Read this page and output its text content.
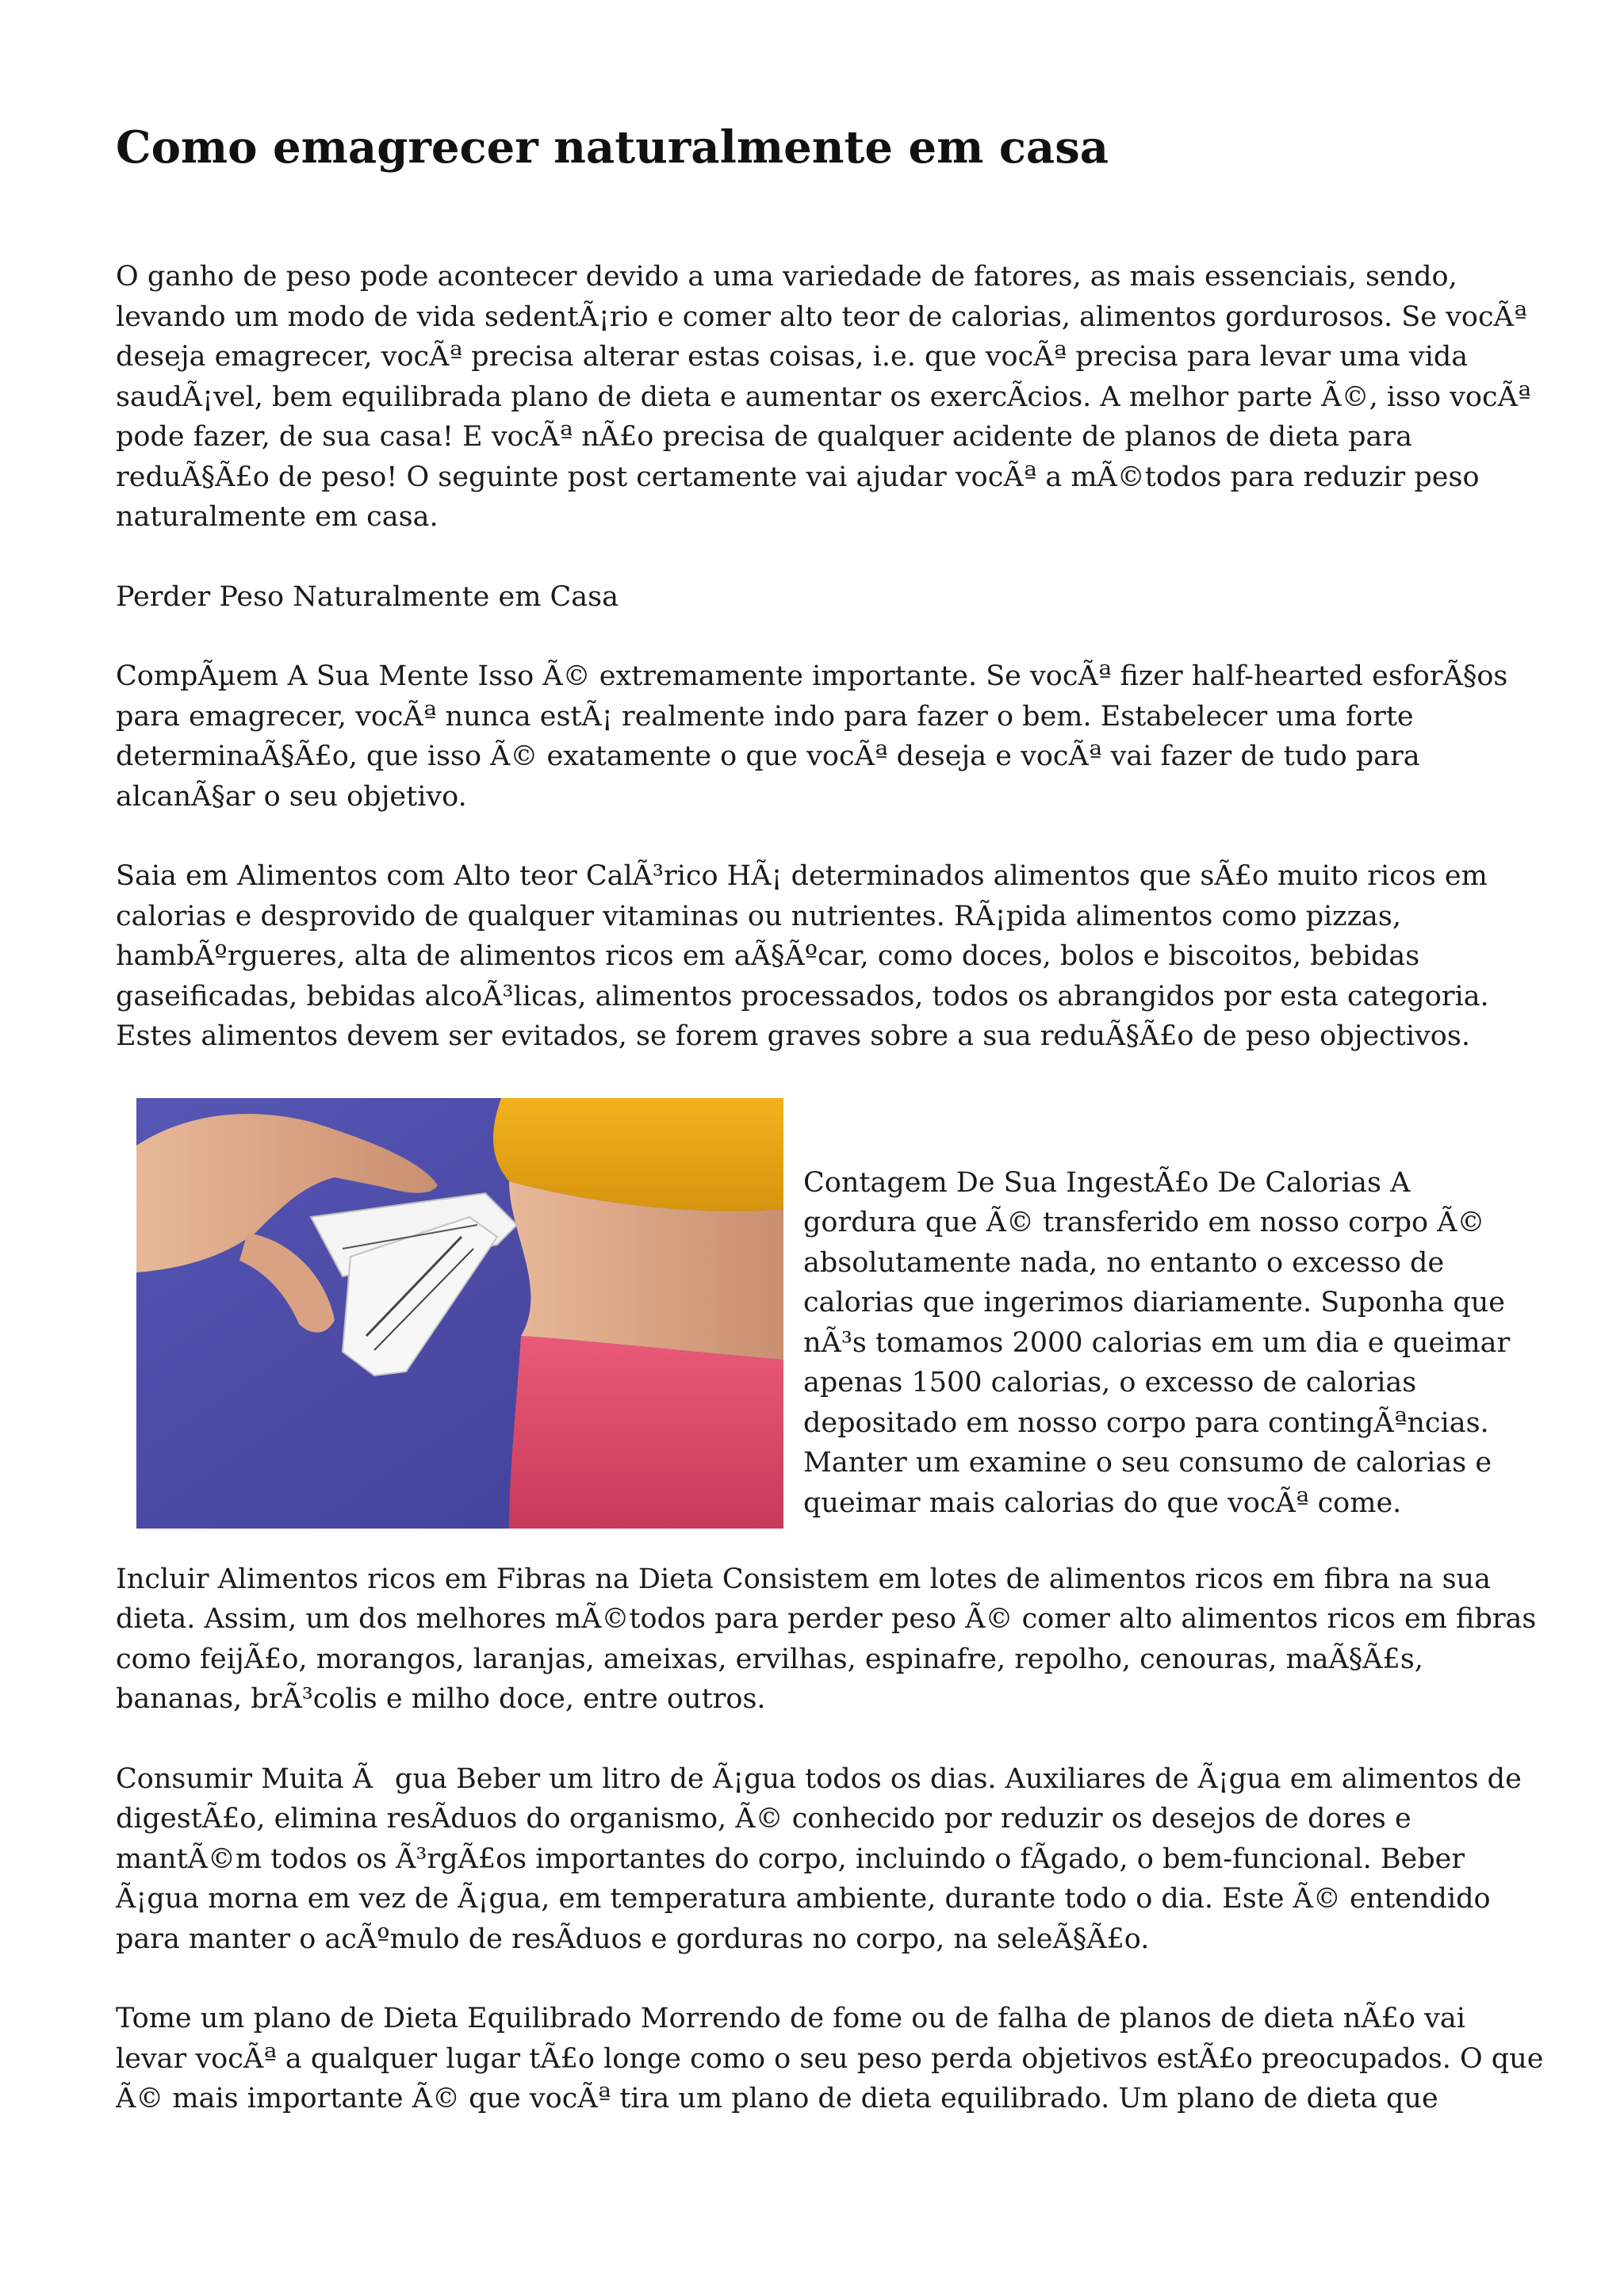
Como emagrecer naturalmente em casa
O ganho de peso pode acontecer devido a uma variedade de fatores, as mais essenciais, sendo,
levando um modo de vida sedentÃ¡rio e comer alto teor de calorias, alimentos gordurosos. Se vocÃª
deseja emagrecer, vocÃª precisa alterar estas coisas, i.e. que vocÃª precisa para levar uma vida
saudÃ¡vel, bem equilibrada plano de dieta e aumentar os exercÃcios. A melhor parte Ã©, isso vocÃª
pode fazer, de sua casa! E vocÃª nÃ£o precisa de qualquer acidente de planos de dieta para
reduÃ§Ã£o de peso! O seguinte post certamente vai ajudar vocÃª a mÃ©todos para reduzir peso
naturalmente em casa.
Perder Peso Naturalmente em Casa
CompÃµem A Sua Mente Isso Ã© extremamente importante. Se vocÃª fizer half-hearted esforÃ§os
para emagrecer, vocÃª nunca estÃ¡ realmente indo para fazer o bem. Estabelecer uma forte
determinaÃ§Ã£o, que isso Ã© exatamente o que vocÃª deseja e vocÃª vai fazer de tudo para
alcanÃ§ar o seu objetivo.
Saia em Alimentos com Alto teor CalÃ³rico HÃ¡ determinados alimentos que sÃ£o muito ricos em
calorias e desprovido de qualquer vitaminas ou nutrientes. RÃ¡pida alimentos como pizzas,
hambÃºrgueres, alta de alimentos ricos em aÃ§Ãºcar, como doces, bolos e biscoitos, bebidas
gaseificadas, bebidas alcoÃ³licas, alimentos processados, todos os abrangidos por esta categoria.
Estes alimentos devem ser evitados, se forem graves sobre a sua reduÃ§Ã£o de peso objectivos.
Contagem De Sua IngestÃ£o De Calorias A
gordura que Ã© transferido em nosso corpo Ã©
absolutamente nada, no entanto o excesso de
calorias que ingerimos diariamente. Suponha que
nÃ³s tomamos 2000 calorias em um dia e queimar
apenas 1500 calorias, o excesso de calorias
depositado em nosso corpo para contingÃªncias.
Manter um examine o seu consumo de calorias e
queimar mais calorias do que vocÃª come.
Incluir Alimentos ricos em Fibras na Dieta Consistem em lotes de alimentos ricos em fibra na sua
dieta. Assim, um dos melhores mÃ©todos para perder peso Ã© comer alto alimentos ricos em fibras
como feijÃ£o, morangos, laranjas, ameixas, ervilhas, espinafre, repolho, cenouras, maÃ§Ã£s,
bananas, brÃ³colis e milho doce, entre outros.
Consumir Muita Ãgua Beber um litro de Ã¡gua todos os dias. Auxiliares de Ã¡gua em alimentos de
digestÃ£o, elimina resÃduos do organismo, Ã© conhecido por reduzir os desejos de dores e
mantÃ©m todos os Ã³rgÃ£os importantes do corpo, incluindo o fÃgado, o bem-funcional. Beber
Ã¡gua morna em vez de Ã¡gua, em temperatura ambiente, durante todo o dia. Este Ã© entendido
para manter o acÃºmulo de resÃduos e gorduras no corpo, na seleÃ§Ã£o.
Tome um plano de Dieta Equilibrado Morrendo de fome ou de falha de planos de dieta nÃ£o vai
levar vocÃª a qualquer lugar tÃ£o longe como o seu peso perda objetivos estÃ£o preocupados. O que
Ã© mais importante Ã© que vocÃª tira um plano de dieta equilibrado. Um plano de dieta que
